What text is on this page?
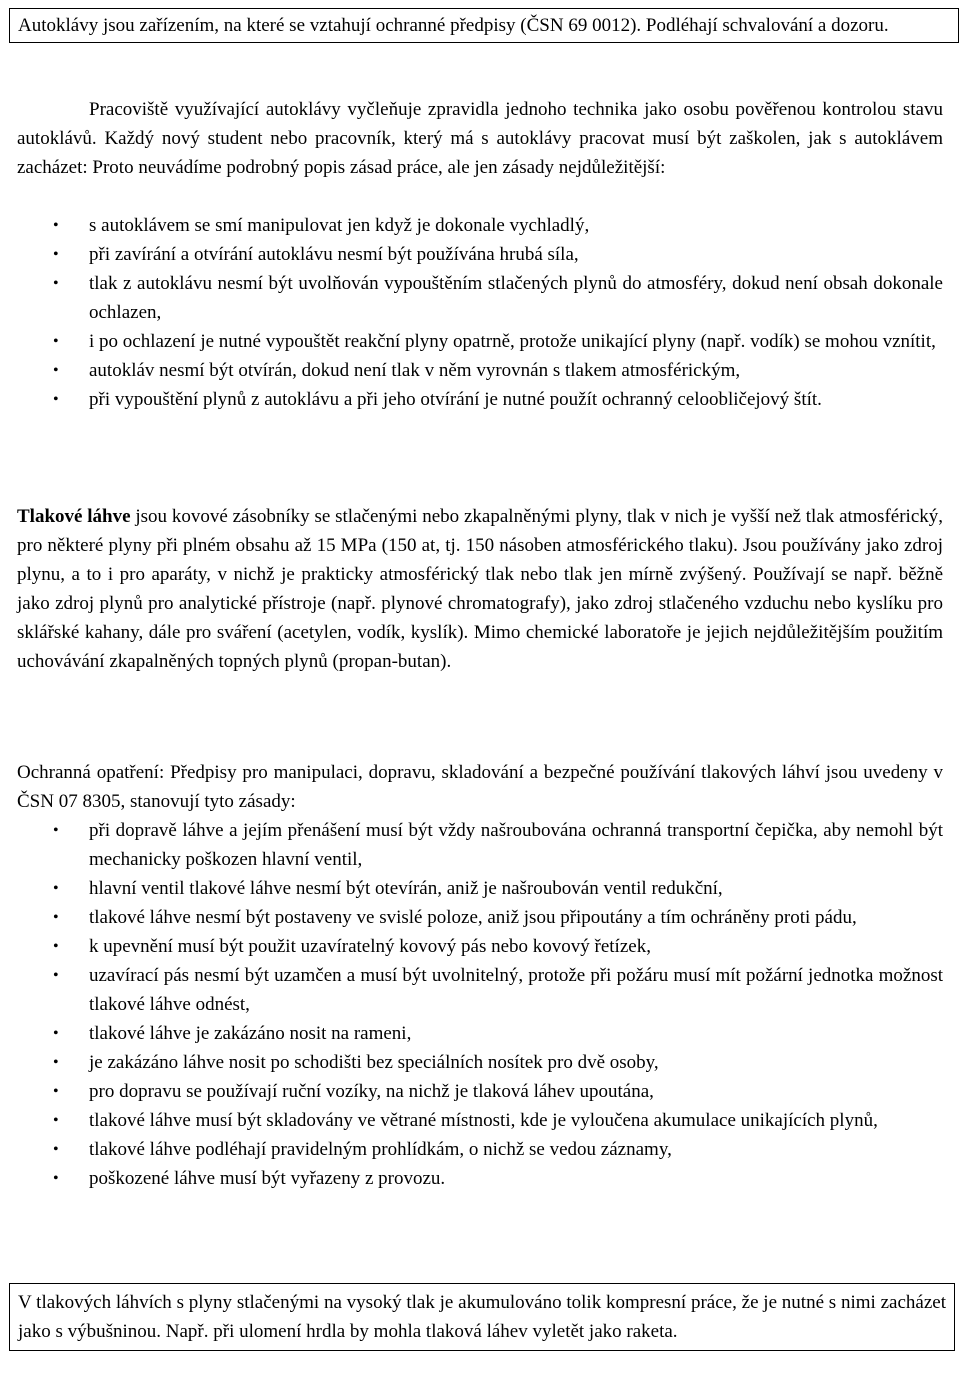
Autoklávy jsou zařízením, na které se vztahují ochranné předpisy (ČSN 69 0012). Podléhají schvalování a dozoru.

Pracoviště využívající autoklávy vyčleňuje zpravidla jednoho technika jako osobu pověřenou kontrolou stavu autoklávů. Každý nový student nebo pracovník, který má s autoklávy pracovat musí být zaškolen, jak s autoklávem zacházet: Proto neuvádíme podrobný popis zásad práce, ale jen zásady nejdůležitější:

• s autoklávem se smí manipulovat jen když je dokonale vychladlý,
• při zavírání a otvírání autoklávu nesmí být používána hrubá síla,
• tlak z autoklávu nesmí být uvolňován vypouštěním stlačených plynů do atmosféry, dokud není obsah dokonale ochlazen,
• i po ochlazení je nutné vypouštět reakční plyny opatrně, protože unikající plyny (např. vodík) se mohou vznítit,
• autokláv nesmí být otvírán, dokud není tlak v něm vyrovnán s tlakem atmosférickým,
• při vypouštění plynů z autoklávu a při jeho otvírání je nutné použít ochranný celoobličejový štít.

Tlakové láhve jsou kovové zásobníky se stlačenými nebo zkapalněnými plyny, tlak v nich je vyšší než tlak atmosférický, pro některé plyny při plném obsahu až 15 MPa (150 at, tj. 150 násoben atmosférického tlaku). Jsou používány jako zdroj plynu, a to i pro aparáty, v nichž je prakticky atmosférický tlak nebo tlak jen mírně zvýšený. Používají se např. běžně jako zdroj plynů pro analytické přístroje (např. plynové chromatografy), jako zdroj stlačeného vzduchu nebo kyslíku pro sklářské kahany, dále pro sváření (acetylen, vodík, kyslík). Mimo chemické laboratoře je jejich nejdůležitějším použitím uchovávání zkapalněných topných plynů (propan-butan).

Ochranná opatření: Předpisy pro manipulaci, dopravu, skladování a bezpečné používání tlakových láhví jsou uvedeny v ČSN 07 8305, stanovují tyto zásady:

• při dopravě láhve a jejím přenášení musí být vždy našroubována ochranná transportní čepička, aby nemohl být mechanicky poškozen hlavní ventil,
• hlavní ventil tlakové láhve nesmí být otevírán, aniž je našroubován ventil redukční,
• tlakové láhve nesmí být postaveny ve svislé poloze, aniž jsou připoutány a tím ochráněny proti pádu,
• k upevnění musí být použit uzavíratelný kovový pás nebo kovový řetízek,
• uzavírací pás nesmí být uzamčen a musí být uvolnitelný, protože při požáru musí mít požární jednotka možnost tlakové láhve odnést,
• tlakové láhve je zakázáno nosit na rameni,
• je zakázáno láhve nosit po schodišti bez speciálních nosítek pro dvě osoby,
• pro dopravu se používají ruční vozíky, na nichž je tlaková láhev upoutána,
• tlakové láhve musí být skladovány ve větrané místnosti, kde je vyloučena akumulace unikajících plynů,
• tlakové láhve podléhají pravidelným prohlídkám, o nichž se vedou záznamy,
• poškozené láhve musí být vyřazeny z provozu.
V tlakových láhvích s plyny stlačenými na vysoký tlak je akumulováno tolik kompresní práce, že je nutné s nimi zacházet jako s výbušninou. Např. při ulomení hrdla by mohla tlaková láhev vyletět jako raketa.
